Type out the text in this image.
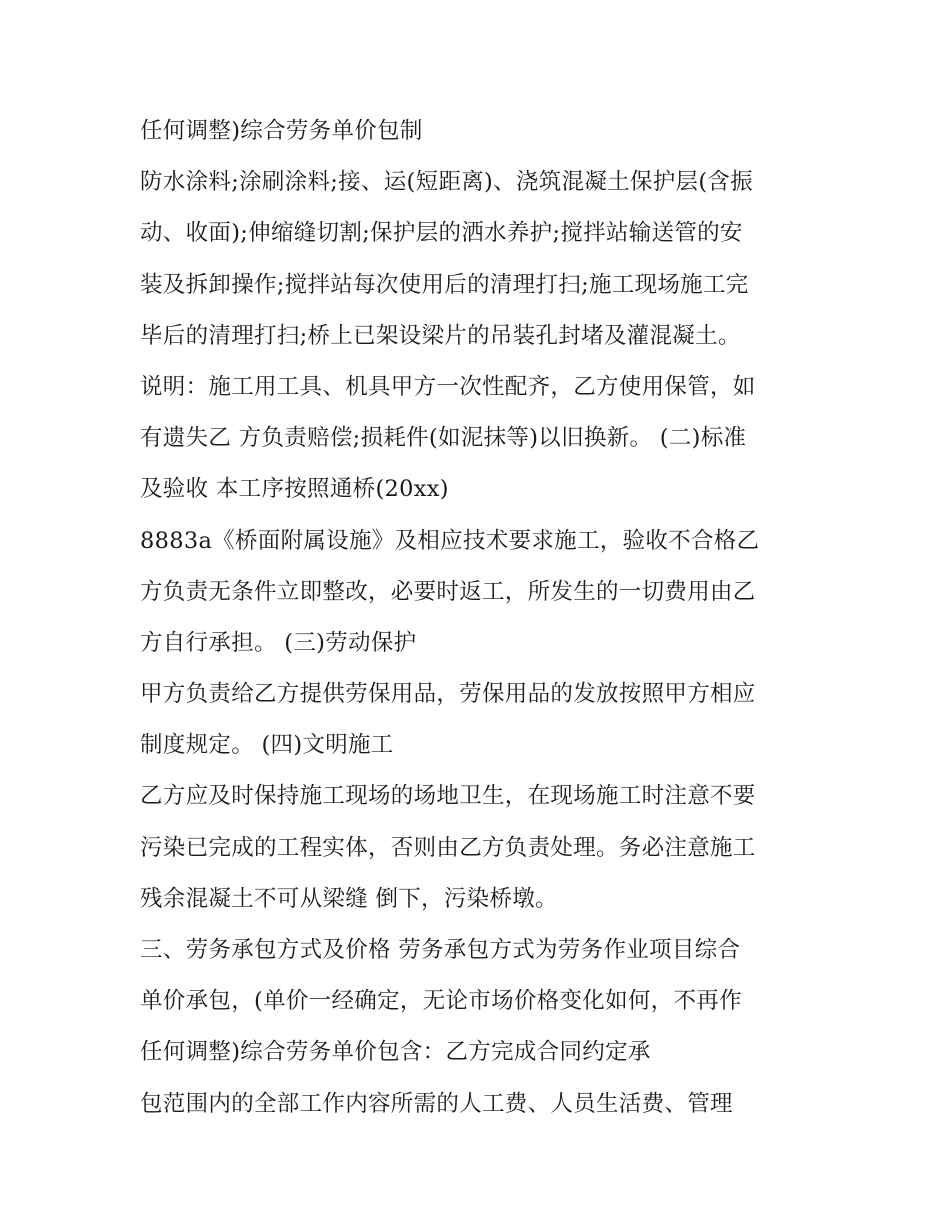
任何调整)综合劳务单价包制
防水涂料;涂刷涂料;接、运(短距离)、浇筑混凝土保护层(含振
动、收面);伸缩缝切割;保护层的洒水养护;搅拌站输送管的安
装及拆卸操作;搅拌站每次使用后的清理打扫;施工现场施工完
毕后的清理打扫;桥上已架设梁片的吊装孔封堵及灌混凝土。
说明：施工用工具、机具甲方一次性配齐，乙方使用保管，如
有遗失乙 方负责赔偿;损耗件(如泥抹等)以旧换新。 (二)标准
及验收 本工序按照通桥(20xx)
8883a《桥面附属设施》及相应技术要求施工，验收不合格乙
方负责无条件立即整改，必要时返工，所发生的一切费用由乙
方自行承担。 (三)劳动保护
甲方负责给乙方提供劳保用品，劳保用品的发放按照甲方相应
制度规定。 (四)文明施工
乙方应及时保持施工现场的场地卫生，在现场施工时注意不要
污染已完成的工程实体，否则由乙方负责处理。务必注意施工
残余混凝土不可从梁缝 倒下，污染桥墩。
三、劳务承包方式及价格 劳务承包方式为劳务作业项目综合
单价承包，(单价一经确定，无论市场价格变化如何，不再作
任何调整)综合劳务单价包含：乙方完成合同约定承
包范围内的全部工作内容所需的人工费、人员生活费、管理
